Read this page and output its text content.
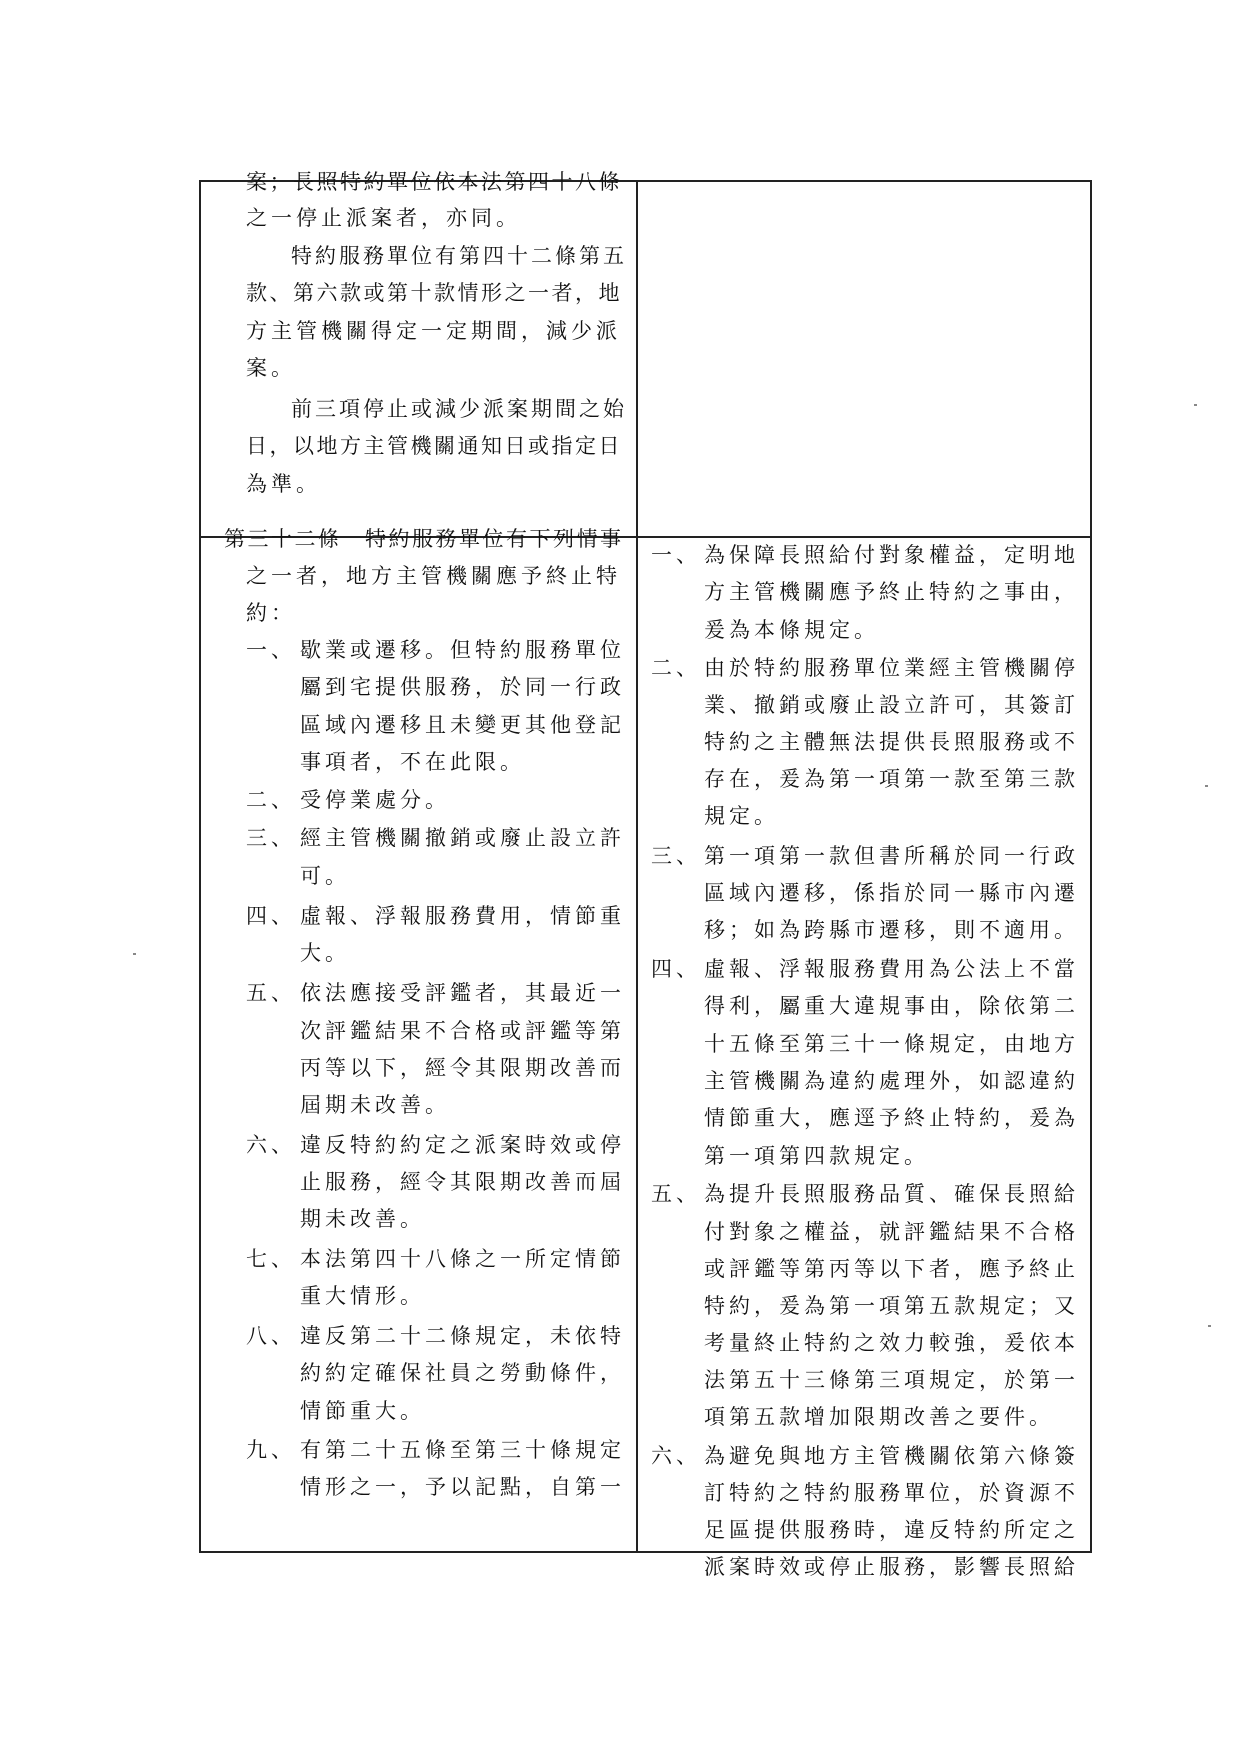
案；長照特約單位依本法第四十八條
之一停止派案者，亦同。
特約服務單位有第四十二條第五
款、第六款或第十款情形之一者，地
方主管機關得定一定期間，減少派
案。
前三項停止或減少派案期間之始
日，以地方主管機關通知日或指定日
為準。
第三十二條　特約服務單位有下列情事
之一者，地方主管機關應予終止特
約：
一、 歇業或遷移。但特約服務單位
屬到宅提供服務，於同一行政
區域內遷移且未變更其他登記
事項者，不在此限。
二、 受停業處分。
三、 經主管機關撤銷或廢止設立許
可。
四、 虛報、浮報服務費用，情節重
大。
五、 依法應接受評鑑者，其最近一
次評鑑結果不合格或評鑑等第
丙等以下，經令其限期改善而
屆期未改善。
六、 違反特約約定之派案時效或停
止服務，經令其限期改善而屆
期未改善。
七、 本法第四十八條之一所定情節
重大情形。
八、 違反第二十二條規定，未依特
約約定確保社員之勞動條件，
情節重大。
九、 有第二十五條至第三十條規定
情形之一，予以記點，自第一
一、 為保障長照給付對象權益，定明地
方主管機關應予終止特約之事由，
爰為本條規定。
二、 由於特約服務單位業經主管機關停
業、撤銷或廢止設立許可，其簽訂
特約之主體無法提供長照服務或不
存在，爰為第一項第一款至第三款
規定。
三、 第一項第一款但書所稱於同一行政
區域內遷移，係指於同一縣市內遷
移；如為跨縣市遷移，則不適用。
四、 虛報、浮報服務費用為公法上不當
得利，屬重大違規事由，除依第二
十五條至第三十一條規定，由地方
主管機關為違約處理外，如認違約
情節重大，應逕予終止特約，爰為
第一項第四款規定。
五、 為提升長照服務品質、確保長照給
付對象之權益，就評鑑結果不合格
或評鑑等第丙等以下者，應予終止
特約，爰為第一項第五款規定；又
考量終止特約之效力較強，爰依本
法第五十三條第三項規定，於第一
項第五款增加限期改善之要件。
六、 為避免與地方主管機關依第六條簽
訂特約之特約服務單位，於資源不
足區提供服務時，違反特約所定之
派案時效或停止服務，影響長照給
